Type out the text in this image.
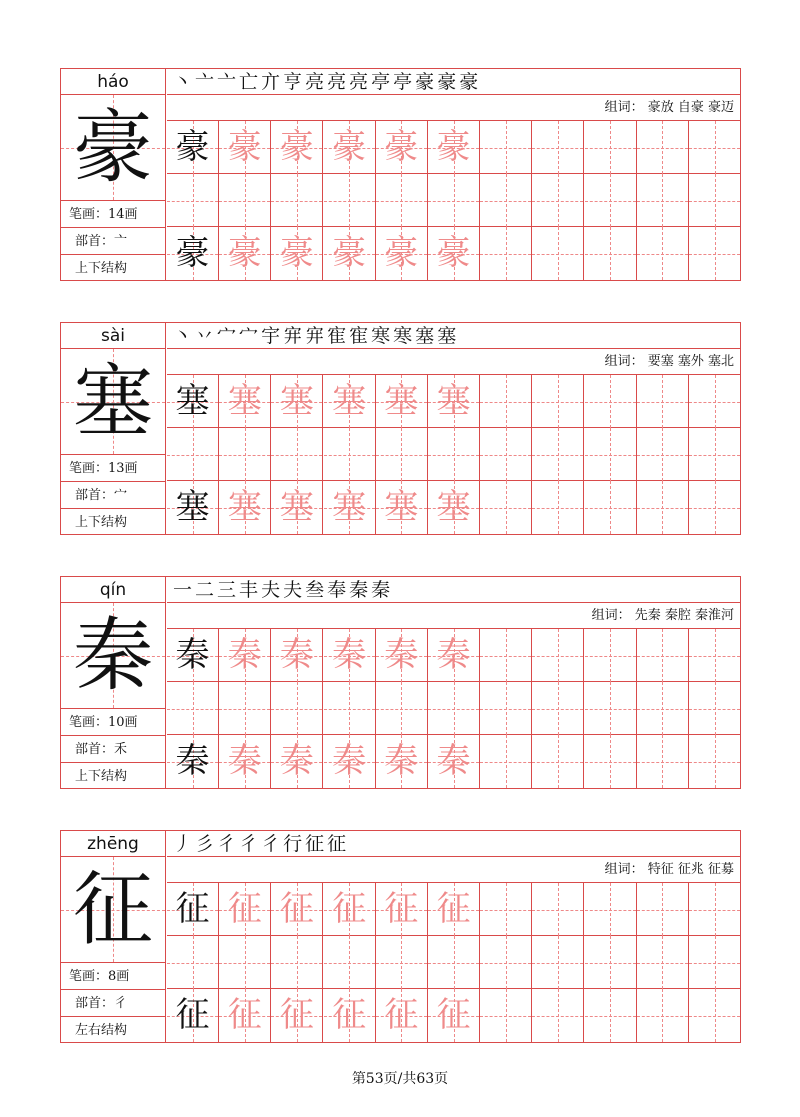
háo
豪
笔画：14画
部首：亠
上下结构
丶亠亠亡亣亨亮亮亮亭亭豪豪豪
组词： 豪放 自豪 豪迈
豪 豪 豪 豪 豪 豪
豪 豪 豪 豪 豪 豪
sài
塞
笔画：13画
部首：宀
上下结构
丶丷宀宀宇宑宑寉寉寒寒塞塞
组词： 要塞 塞外 塞北
塞 塞 塞 塞 塞 塞
塞 塞 塞 塞 塞 塞
qín
秦
笔画：10画
部首：禾
上下结构
一二三丰夫夫叁奉秦秦
组词： 先秦 秦腔 秦淮河
秦 秦 秦 秦 秦 秦
秦 秦 秦 秦 秦 秦
zhēng
征
笔画：8画
部首：彳
左右结构
丿彡彳彳彳行征征
组词： 特征 征兆 征募
征 征 征 征 征 征
征 征 征 征 征 征
第53页/共63页
